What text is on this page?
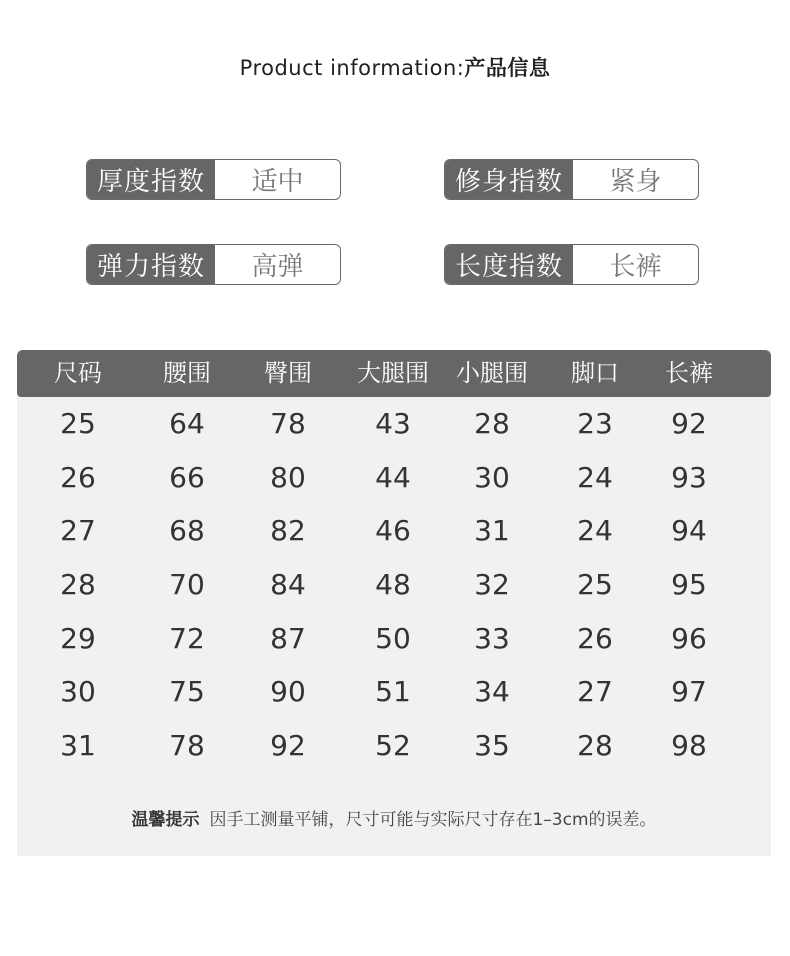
Product information:产品信息
厚度指数	适中	修身指数	紧身
弹力指数	高弹	长度指数	长裤
尺码	腰围 臀围 大腿围 小腿围 脚口 长裤
25	64 78 43 28 23 92
26	66 80 44 30 24 93
27	68 82 46 31 24 94
28	70 84 48 32 25 95
29	72 87 50 33 26 96
30	75 90 51 34 27 97
31	78 92 52 35 28 98
温馨提示 因手工测量平铺，尺寸可能与实际尺寸存在1–3cm的误差。
